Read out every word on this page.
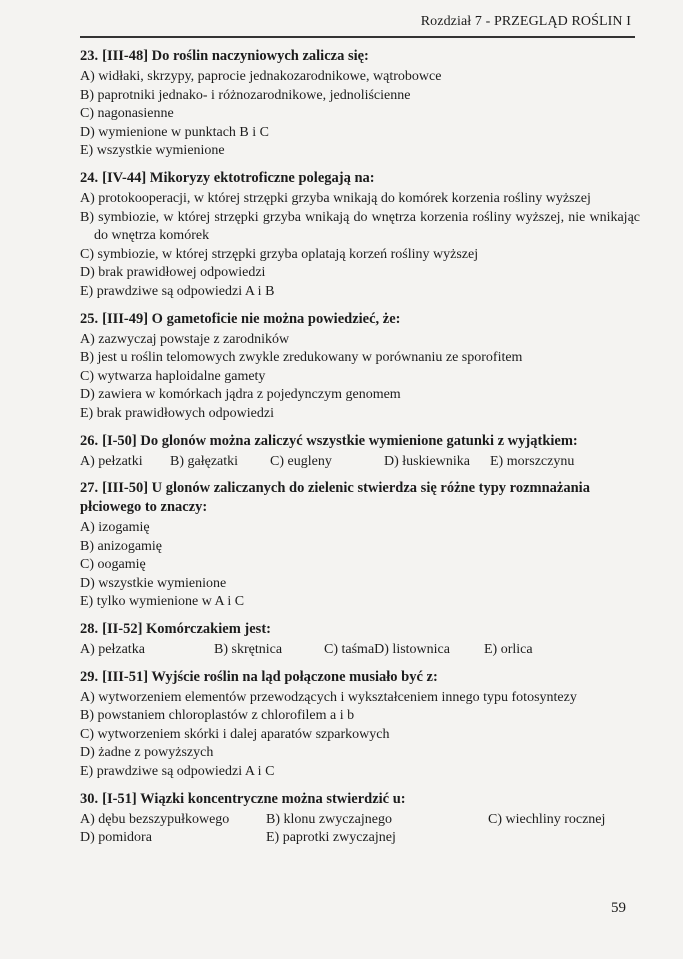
Rozdział 7 - PRZEGLĄD ROŚLIN I
23. [III-48] Do roślin naczyniowych zalicza się:
A) widłaki, skrzypy, paprocie jednakozarodnikowe, wątrobowce
B) paprotniki jednako- i różnozarodnikowe, jednoliścienne
C) nagonasienne
D) wymienione w punktach B i C
E) wszystkie wymienione
24. [IV-44] Mikoryzy ektotroficzne polegają na:
A) protokooperacji, w której strzępki grzyba wnikają do komórek korzenia rośliny wyższej
B) symbiozie, w której strzępki grzyba wnikają do wnętrza korzenia rośliny wyższej, nie wnikając do wnętrza komórek
C) symbiozie, w której strzępki grzyba oplatają korzeń rośliny wyższej
D) brak prawidłowej odpowiedzi
E) prawdziwe są odpowiedzi A i B
25. [III-49] O gametoficie nie można powiedzieć, że:
A) zazwyczaj powstaje z zarodników
B) jest u roślin telomowych zwykle zredukowany w porównaniu ze sporofitem
C) wytwarza haploidalne gamety
D) zawiera w komórkach jądra z pojedynczym genomem
E) brak prawidłowych odpowiedzi
26. [I-50] Do glonów można zaliczyć wszystkie wymienione gatunki z wyjątkiem:
A) pełzatki	B) gałęzatki	C) eugleny	D) łuskiewnika	E) morszczynu
27. [III-50] U glonów zaliczanych do zielenic stwierdza się różne typy rozmnażania płciowego to znaczy:
A) izogamię
B) anizogamię
C) oogamię
D) wszystkie wymienione
E) tylko wymienione w A i C
28. [II-52] Komórczakiem jest:
A) pełzatka	B) skrętnica	C) taśmaD) listownica	E) orlica
29. [III-51] Wyjście roślin na ląd połączone musiało być z:
A) wytworzeniem elementów przewodzących i wykształceniem innego typu fotosyntezy
B) powstaniem chloroplastów z chlorofilem a i b
C) wytworzeniem skórki i dalej aparatów szparkowych
D) żadne z powyższych
E) prawdziwe są odpowiedzi A i C
30. [I-51] Wiązki koncentryczne można stwierdzić u:
A) dębu bezszypułkowego	B) klonu zwyczajnego	C) wiechliny rocznej
D) pomidora	E) paprotki zwyczajnej
59
